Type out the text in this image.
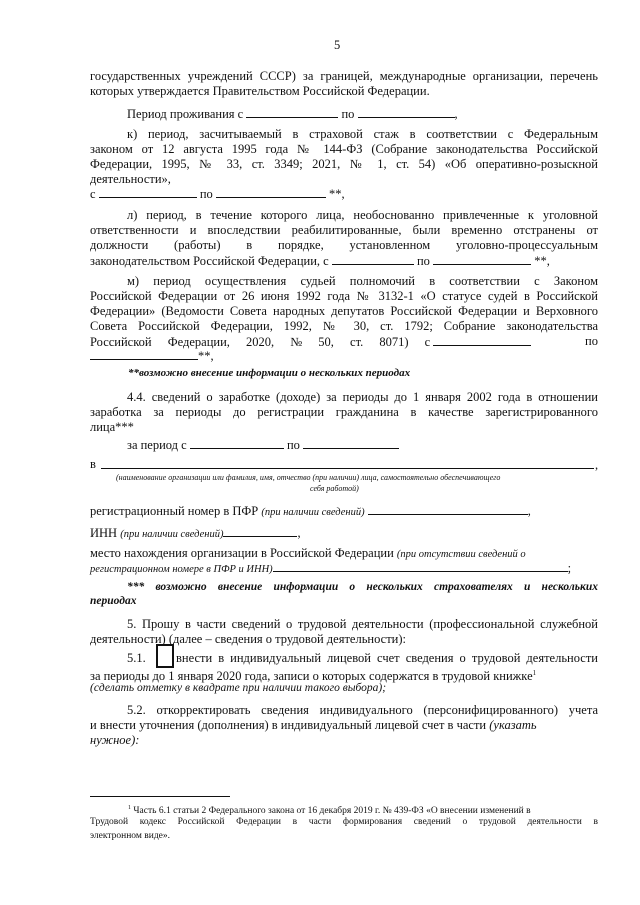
5
государственных учреждений СССР) за границей, международные организации, перечень
которых утверждается Правительством Российской Федерации.
Период проживания с	по	,
к) период, засчитываемый в страховой стаж в соответствии с Федеральным
законом от 12 августа 1995 года № 144-ФЗ (Собрание законодательства Российской
Федерации, 1995, № 33, ст. 3349; 2021, № 1, ст. 54) «Об оперативно-розыскной
деятельности»,
с	по	**,
л) период, в течение которого лица, необоснованно привлеченные к уголовной
ответственности и впоследствии реабилитированные, были временно отстранены от
должности (работы) в порядке, установленном уголовно-процессуальным
законодательством Российской Федерации, с	по	**,
м) период осуществления судьей полномочий в соответствии с Законом
Российской Федерации от 26 июня 1992 года № 3132-1 «О статусе судей в Российской
Федерации» (Ведомости Совета народных депутатов Российской Федерации и Верховного
Совета Российской Федерации, 1992, № 30, ст. 1792; Собрание законодательства
Российской Федерации, 2020, № 50, ст. 8071) с	по
**,
**возможно внесение информации о нескольких периодах
4.4. сведений о заработке (доходе) за периоды до 1 января 2002 года в отношении
заработка за периоды до регистрации гражданина в качестве зарегистрированного
лица***
за период с	по
в	,
(наименование организации или фамилия, имя, отчество (при наличии) лица, самостоятельно обеспечивающего
себя работой)
регистрационный номер в ПФР (при наличии сведений)	,
ИНН (при наличии сведений)	,
место нахождения организации в Российской Федерации (при отсутствии сведений о
регистрационном номере в ПФР и ИНН)	;
*** возможно внесение информации о нескольких страхователях и нескольких
периодах
5. Прошу в части сведений о трудовой деятельности (профессиональной служебной
деятельности) (далее – сведения о трудовой деятельности):
5.1. внести в индивидуальный лицевой счет сведения о трудовой деятельности
за периоды до 1 января 2020 года, записи о которых содержатся в трудовой книжке$^1$
(сделать отметку в квадрате при наличии такого выбора);
5.2. откорректировать сведения индивидуального (персонифицированного) учета
и внести уточнения (дополнения) в индивидуальный лицевой счет в части (указать
нужное):
$^1$ Часть 6.1 статьи 2 Федерального закона от 16 декабря 2019 г. № 439-ФЗ «О внесении изменений в
Трудовой кодекс Российской Федерации в части формирования сведений о трудовой деятельности в
электронном виде».
